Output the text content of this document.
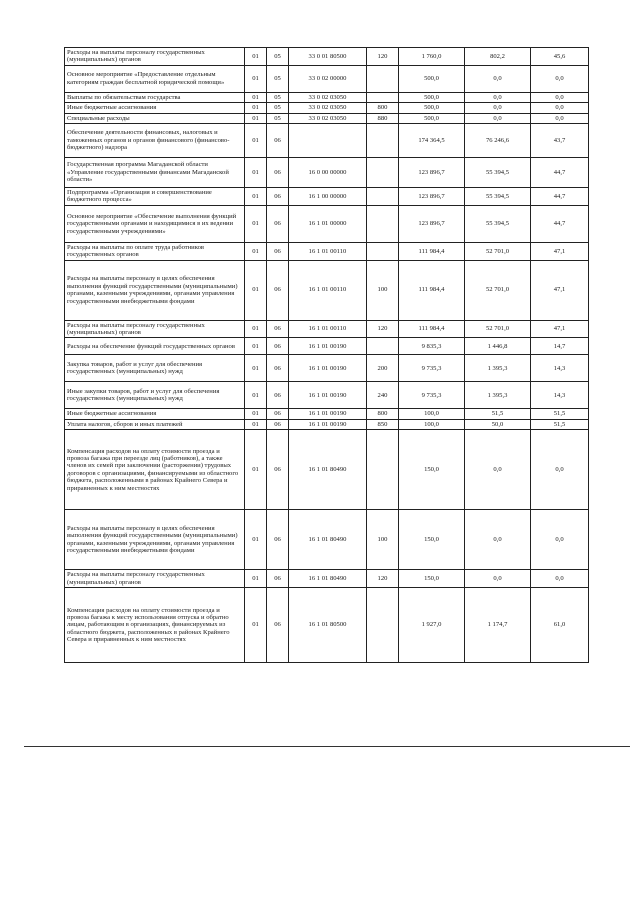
Расходы на выплаты персоналу государственных (муниципальных) органов	01	05	33 0 01 80500	120	1 760,0	802,2	45,6
Основное мероприятие «Предоставление отдельным категориям граждан бесплатной юридической помощи»	01	05	33 0 02 00000		500,0	0,0	0,0
Выплаты по обязательствам государства	01	05	33 0 02 03050		500,0	0,0	0,0
Иные бюджетные ассигнования	01	05	33 0 02 03050	800	500,0	0,0	0,0
Специальные расходы	01	05	33 0 02 03050	880	500,0	0,0	0,0
Обеспечение деятельности финансовых, налоговых и таможенных органов и органов финансового (финансово-бюджетного) надзора	01	06			174 364,5	76 246,6	43,7
Государственная программа Магаданской области «Управление государственными финансами Магаданской области»	01	06	16 0 00 00000		123 896,7	55 394,5	44,7
Подпрограмма «Организация и совершенствование бюджетного процесса»	01	06	16 1 00 00000		123 896,7	55 394,5	44,7
Основное мероприятие «Обеспечение выполнения функций государственными органами и находящимися в их ведении государственными учреждениями»	01	06	16 1 01 00000		123 896,7	55 394,5	44,7
Расходы на выплаты по оплате труда работников государственных органов	01	06	16 1 01 00110		111 984,4	52 701,0	47,1
Расходы на выплаты персоналу в целях обеспечения выполнения функций государственными (муниципальными) органами, казенными учреждениями, органами управления государственными внебюджетными фондами	01	06	16 1 01 00110	100	111 984,4	52 701,0	47,1
Расходы на выплаты персоналу государственных (муниципальных) органов	01	06	16 1 01 00110	120	111 984,4	52 701,0	47,1
Расходы на обеспечение функций государственных органов	01	06	16 1 01 00190		9 835,3	1 446,8	14,7
Закупка товаров, работ и услуг для обеспечения государственных (муниципальных) нужд	01	06	16 1 01 00190	200	9 735,3	1 395,3	14,3
Иные закупки товаров, работ и услуг для обеспечения государственных (муниципальных) нужд	01	06	16 1 01 00190	240	9 735,3	1 395,3	14,3
Иные бюджетные ассигнования	01	06	16 1 01 00190	800	100,0	51,5	51,5
Уплата налогов, сборов и иных платежей	01	06	16 1 01 00190	850	100,0	50,0	51,5
Компенсация расходов на оплату стоимости проезда и провоза багажа при переезде лиц (работников), а также членов их семей при заключении (расторжении) трудовых договоров с организациями, финансируемыми из областного бюджета, расположенными в районах Крайнего Севера и приравненных к ним местностях	01	06	16 1 01 80490		150,0	0,0	0,0
Расходы на выплаты персоналу в целях обеспечения выполнения функций государственными (муниципальными) органами, казенными учреждениями, органами управления государственными внебюджетными фондами	01	06	16 1 01 80490	100	150,0	0,0	0,0
Расходы на выплаты персоналу государственных (муниципальных) органов	01	06	16 1 01 80490	120	150,0	0,0	0,0
Компенсация расходов на оплату стоимости проезда и провоза багажа к месту использования отпуска и обратно лицам, работающим в организациях, финансируемых из областного бюджета, расположенных в районах Крайнего Севера и приравненных к ним местностях	01	06	16 1 01 80500		1 927,0	1 174,7	61,0
